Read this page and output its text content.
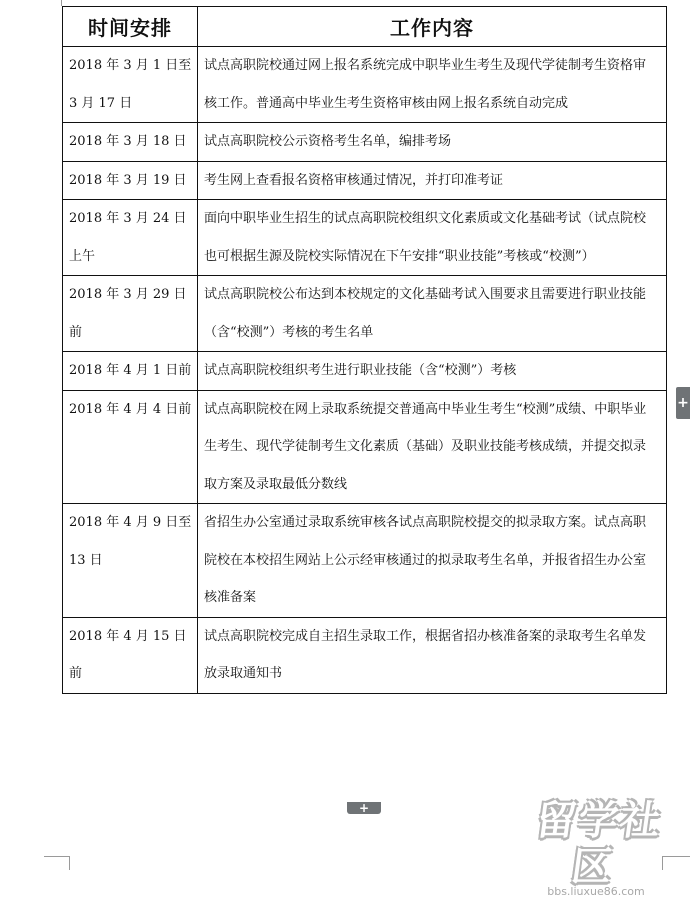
时间安排	工作内容
2018 年 3 月 1 日至 3 月 17 日	试点高职院校通过网上报名系统完成中职毕业生考生及现代学徒制考生资格审核工作。普通高中毕业生考生资格审核由网上报名系统自动完成
2018 年 3 月 18 日	试点高职院校公示资格考生名单，编排考场
2018 年 3 月 19 日	考生网上查看报名资格审核通过情况，并打印准考证
2018 年 3 月 24 日上午	面向中职毕业生招生的试点高职院校组织文化素质或文化基础考试（试点院校也可根据生源及院校实际情况在下午安排“职业技能”考核或“校测”）
2018 年 3 月 29 日前	试点高职院校公布达到本校规定的文化基础考试入围要求且需要进行职业技能（含“校测”）考核的考生名单
2018 年 4 月 1 日前	试点高职院校组织考生进行职业技能（含“校测”）考核
2018 年 4 月 4 日前	试点高职院校在网上录取系统提交普通高中毕业生考生“校测”成绩、中职毕业生考生、现代学徒制考生文化素质（基础）及职业技能考核成绩，并提交拟录取方案及录取最低分数线
2018 年 4 月 9 日至 13 日	省招生办公室通过录取系统审核各试点高职院校提交的拟录取方案。试点高职院校在本校招生网站上公示经审核通过的拟录取考生名单，并报省招生办公室核准备案
2018 年 4 月 15 日前	试点高职院校完成自主招生录取工作，根据省招办核准备案的录取考生名单发放录取通知书
+
+	留学社区
bbs.liuxue86.com
